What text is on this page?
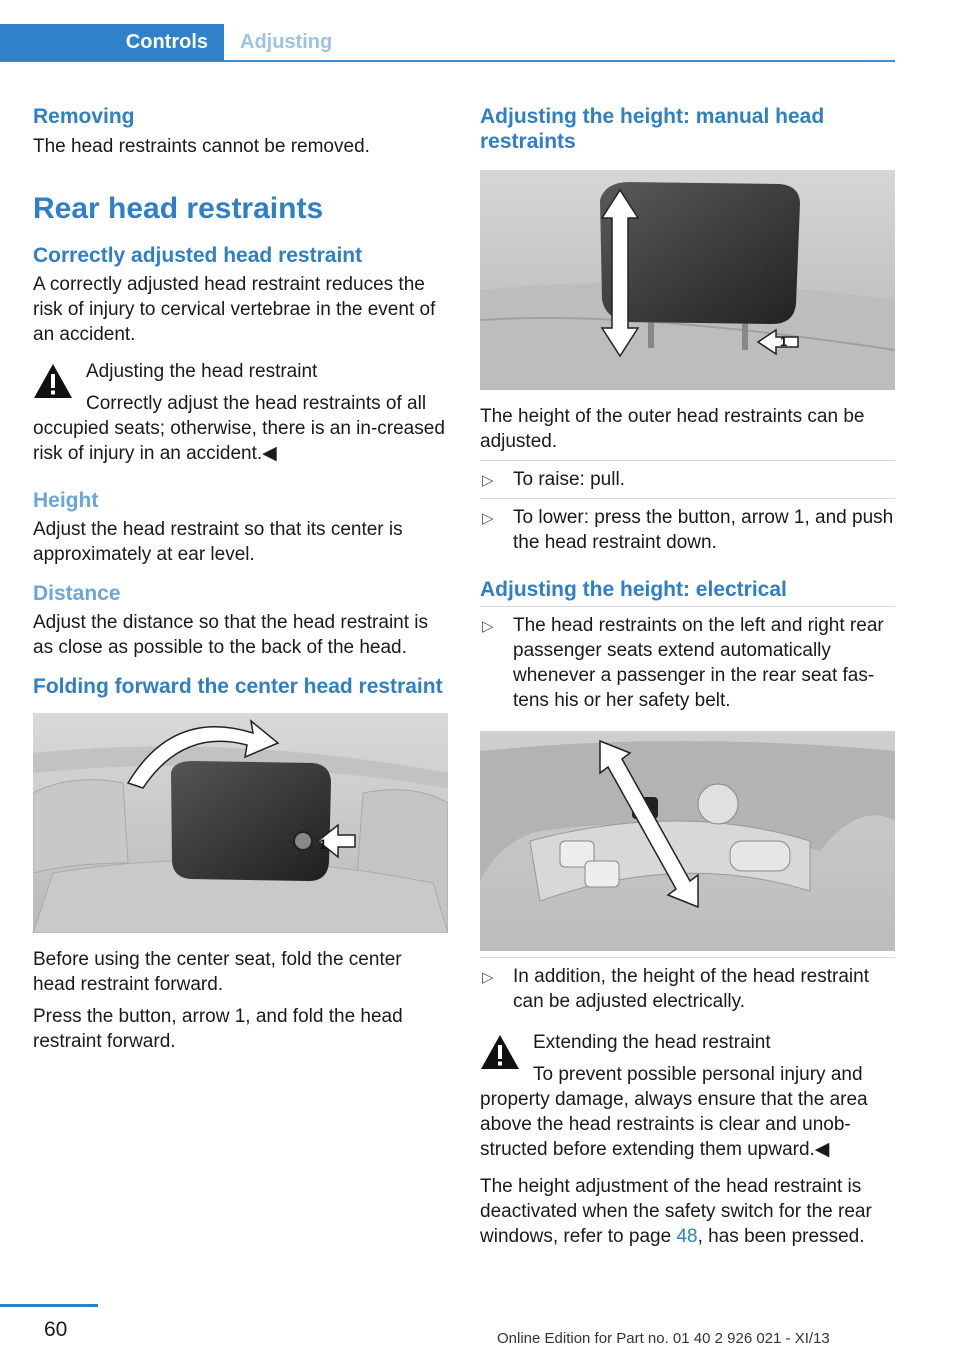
Controls	Adjusting
Removing

The head restraints cannot be removed.

Rear head restraints
Correctly adjusted head restraint

A correctly adjusted head restraint reduces the risk of injury to cervical vertebrae in the event of an accident.

Adjusting the head restraint

Correctly adjust the head restraints of all

occupied seats; otherwise, there is an in-creased risk of injury in an accident.◀

Height

Adjust the head restraint so that its center is approximately at ear level.

Distance

Adjust the distance so that the head restraint is as close as possible to the back of the head.

Folding forward the center head restraint
1

Before using the center seat, fold the center head restraint forward.

Press the button, arrow 1, and fold the head restraint forward.

Adjusting the height: manual head restraints
1

The height of the outer head restraints can be adjusted.

▷ To raise: pull.
▷ To lower: press the button, arrow 1, and push the head restraint down.
Adjusting the height: electrical
▷ The head restraints on the left and right rear passenger seats extend automatically whenever a passenger in the rear seat fas-tens his or her safety belt.
▷ In addition, the height of the head restraint can be adjusted electrically.

Extending the head restraint

To prevent possible personal injury and

property damage, always ensure that the area above the head restraints is clear and unob-structed before extending them upward.◀

The height adjustment of the head restraint is deactivated when the safety switch for the rear windows, refer to page 48, has been pressed.

60	Online Edition for Part no. 01 40 2 926 021 - XI/13
